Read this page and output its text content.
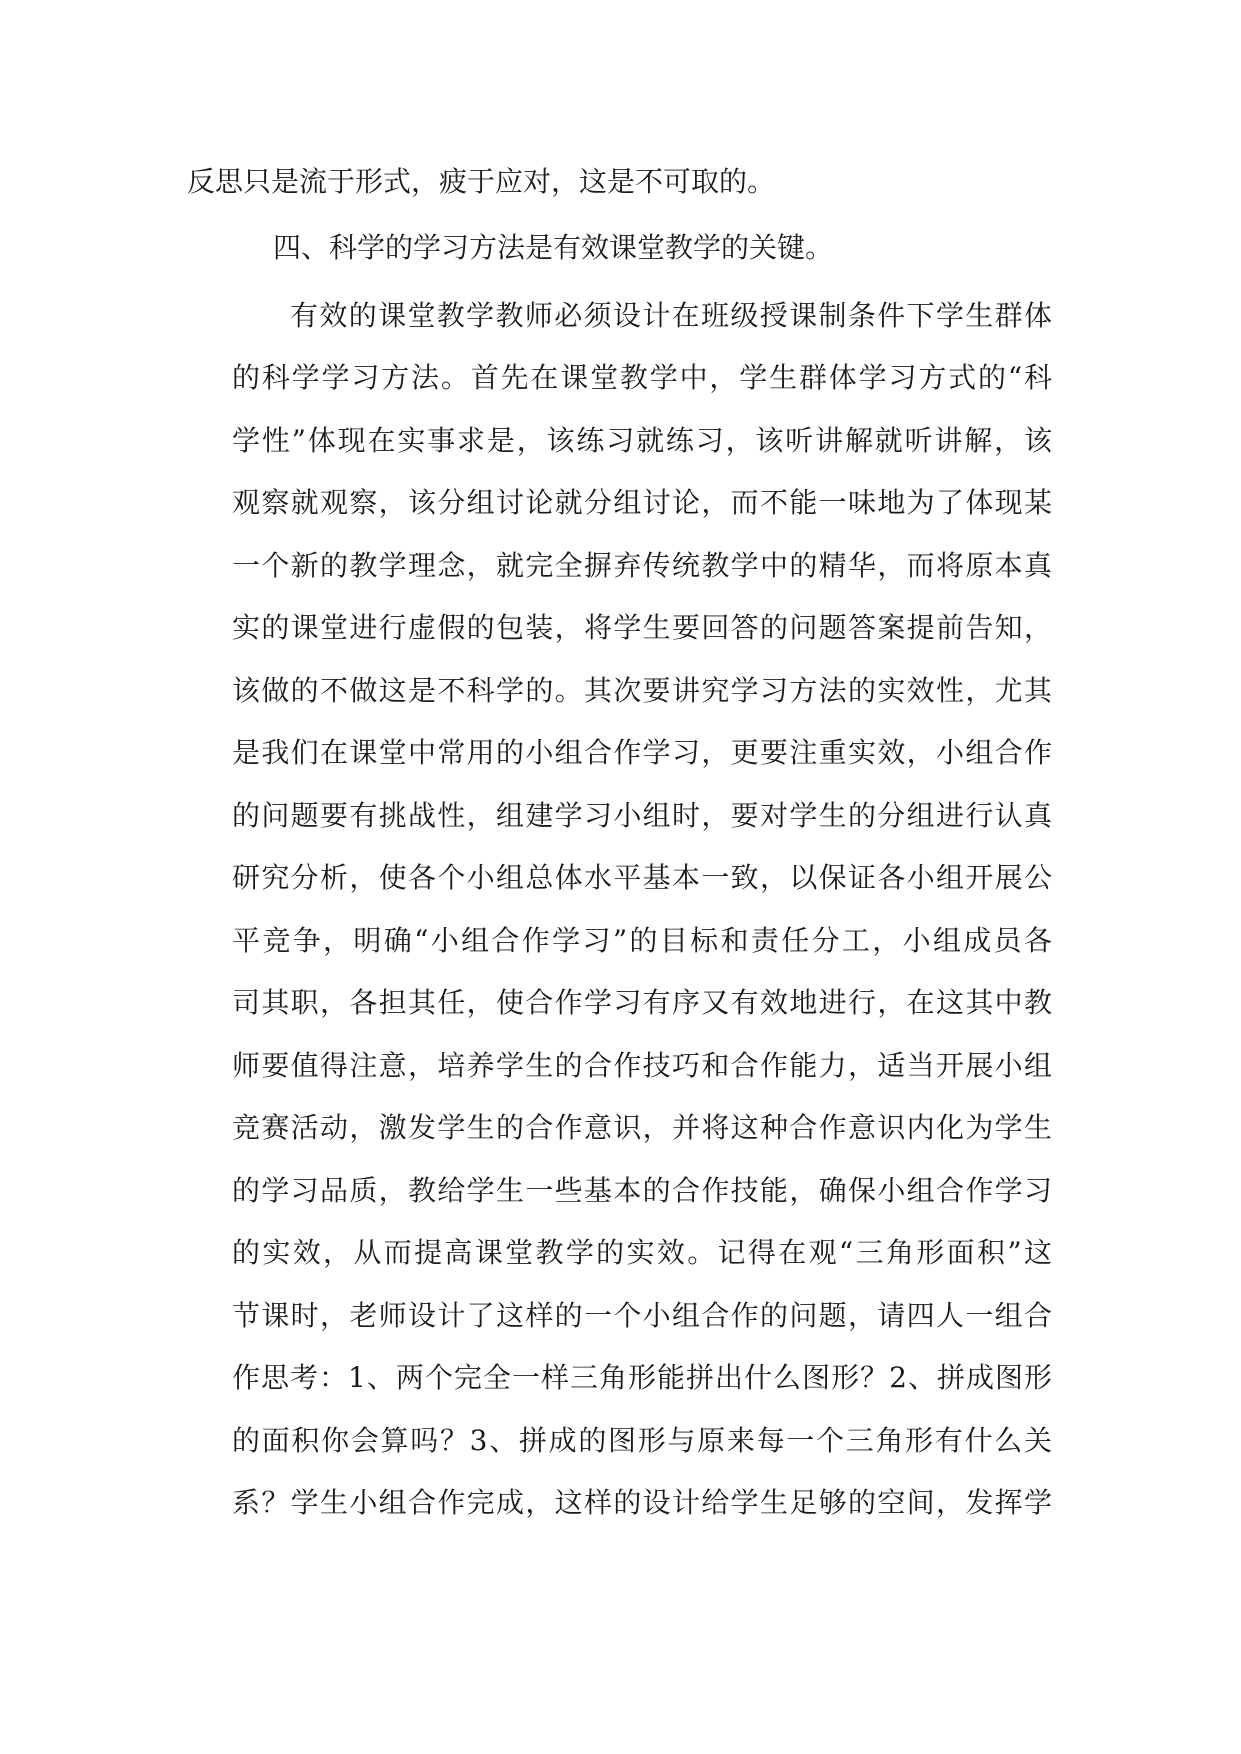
反思只是流于形式，疲于应对，这是不可取的。
四、科学的学习方法是有效课堂教学的关键。
有效的课堂教学教师必须设计在班级授课制条件下学生群体
的科学学习方法。首先在课堂教学中，学生群体学习方式的“科
学性”体现在实事求是，该练习就练习，该听讲解就听讲解，该
观察就观察，该分组讨论就分组讨论，而不能一味地为了体现某
一个新的教学理念，就完全摒弃传统教学中的精华，而将原本真
实的课堂进行虚假的包装，将学生要回答的问题答案提前告知，
该做的不做这是不科学的。其次要讲究学习方法的实效性，尤其
是我们在课堂中常用的小组合作学习，更要注重实效，小组合作
的问题要有挑战性，组建学习小组时，要对学生的分组进行认真
研究分析，使各个小组总体水平基本一致，以保证各小组开展公
平竞争，明确“小组合作学习”的目标和责任分工，小组成员各
司其职，各担其任，使合作学习有序又有效地进行，在这其中教
师要值得注意，培养学生的合作技巧和合作能力，适当开展小组
竞赛活动，激发学生的合作意识，并将这种合作意识内化为学生
的学习品质，教给学生一些基本的合作技能，确保小组合作学习
的实效，从而提高课堂教学的实效。记得在观“三角形面积”这
节课时，老师设计了这样的一个小组合作的问题，请四人一组合
作思考：1、两个完全一样三角形能拼出什么图形？2、拼成图形
的面积你会算吗？3、拼成的图形与原来每一个三角形有什么关
系？学生小组合作完成，这样的设计给学生足够的空间，发挥学
